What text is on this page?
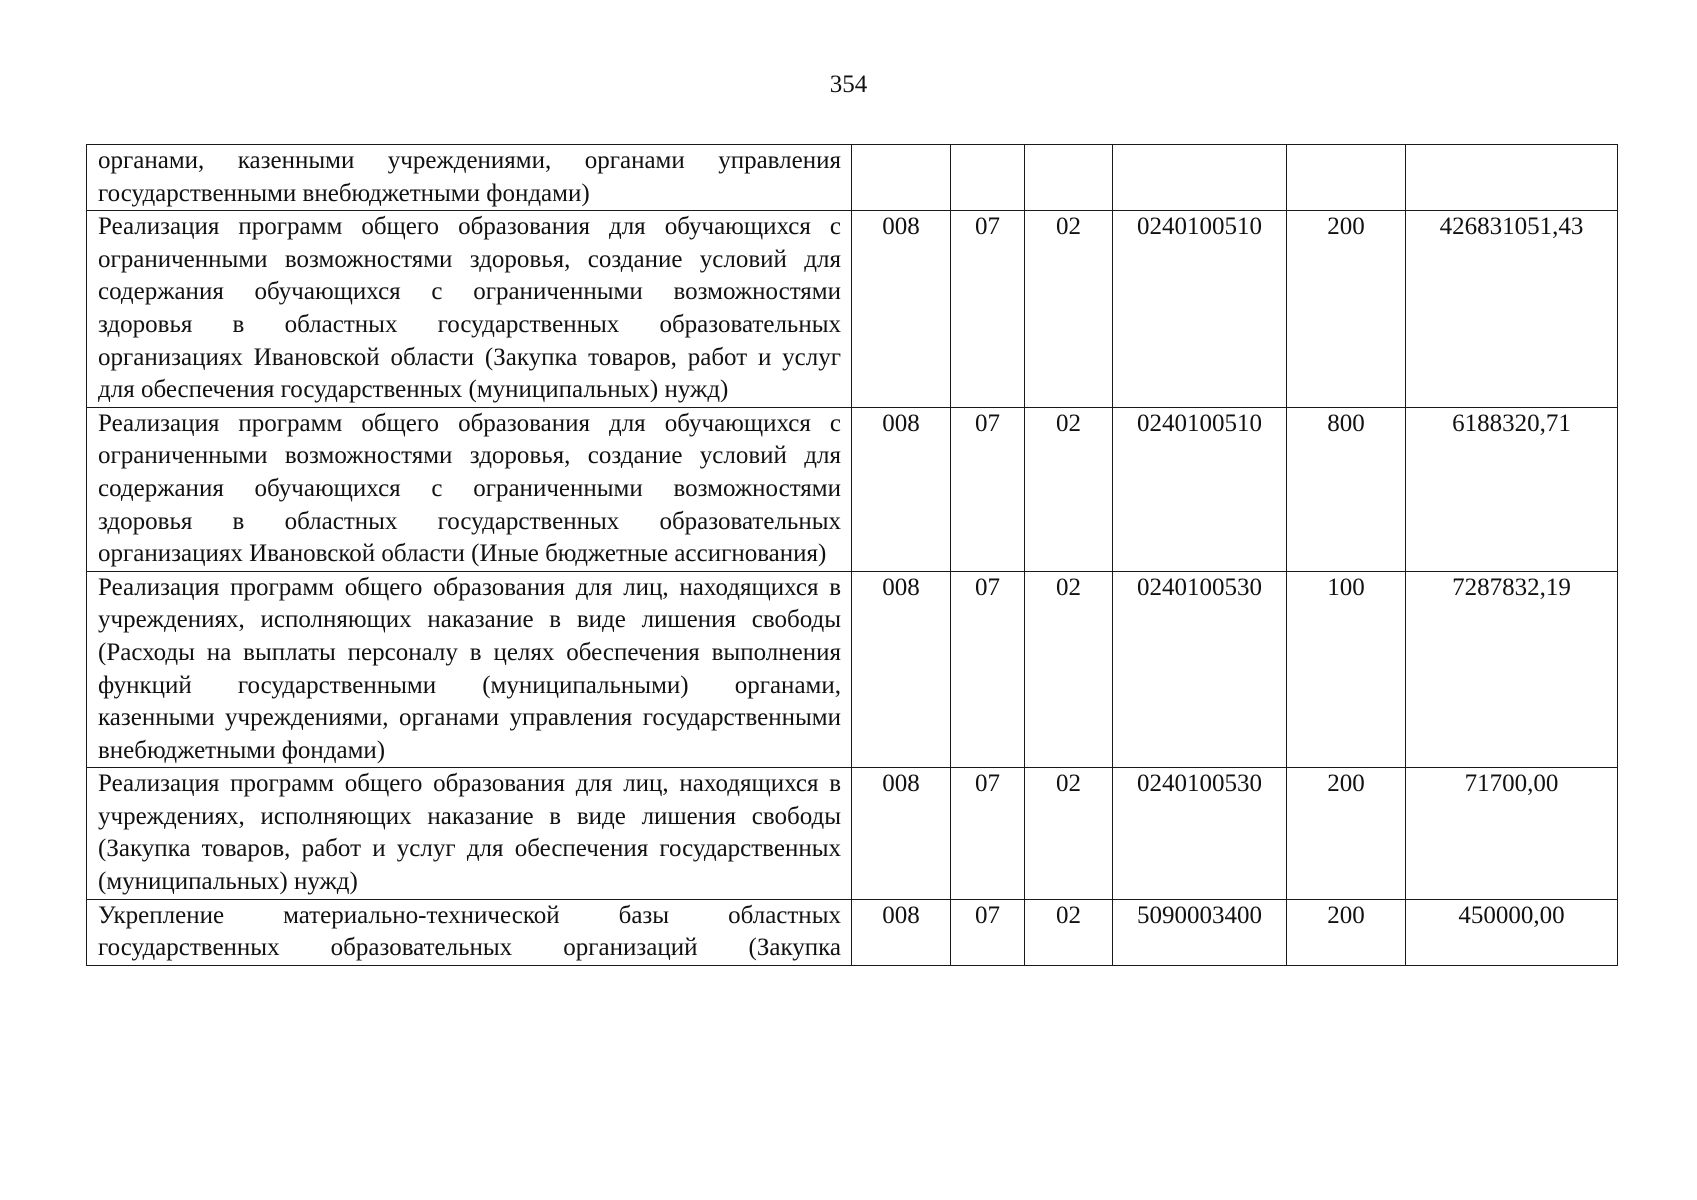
354
органами, казенными учреждениями, органами управления государственными внебюджетными фондами)						
Реализация программ общего образования для обучающихся с ограниченными возможностями здоровья, создание условий для содержания обучающихся с ограниченными возможностями здоровья в областных государственных образовательных организациях Ивановской области (Закупка товаров, работ и услуг для обеспечения государственных (муниципальных) нужд)	008	07	02	0240100510	200	426831051,43
Реализация программ общего образования для обучающихся с ограниченными возможностями здоровья, создание условий для содержания обучающихся с ограниченными возможностями здоровья в областных государственных образовательных организациях Ивановской области (Иные бюджетные ассигнования)	008	07	02	0240100510	800	6188320,71
Реализация программ общего образования для лиц, находящихся в учреждениях, исполняющих наказание в виде лишения свободы (Расходы на выплаты персоналу в целях обеспечения выполнения функций государственными (муниципальными) органами, казенными учреждениями, органами управления государственными внебюджетными фондами)	008	07	02	0240100530	100	7287832,19
Реализация программ общего образования для лиц, находящихся в учреждениях, исполняющих наказание в виде лишения свободы (Закупка товаров, работ и услуг для обеспечения государственных (муниципальных) нужд)	008	07	02	0240100530	200	71700,00
Укрепление материально-технической базы областных государственных образовательных организаций (Закупка	008	07	02	5090003400	200	450000,00
